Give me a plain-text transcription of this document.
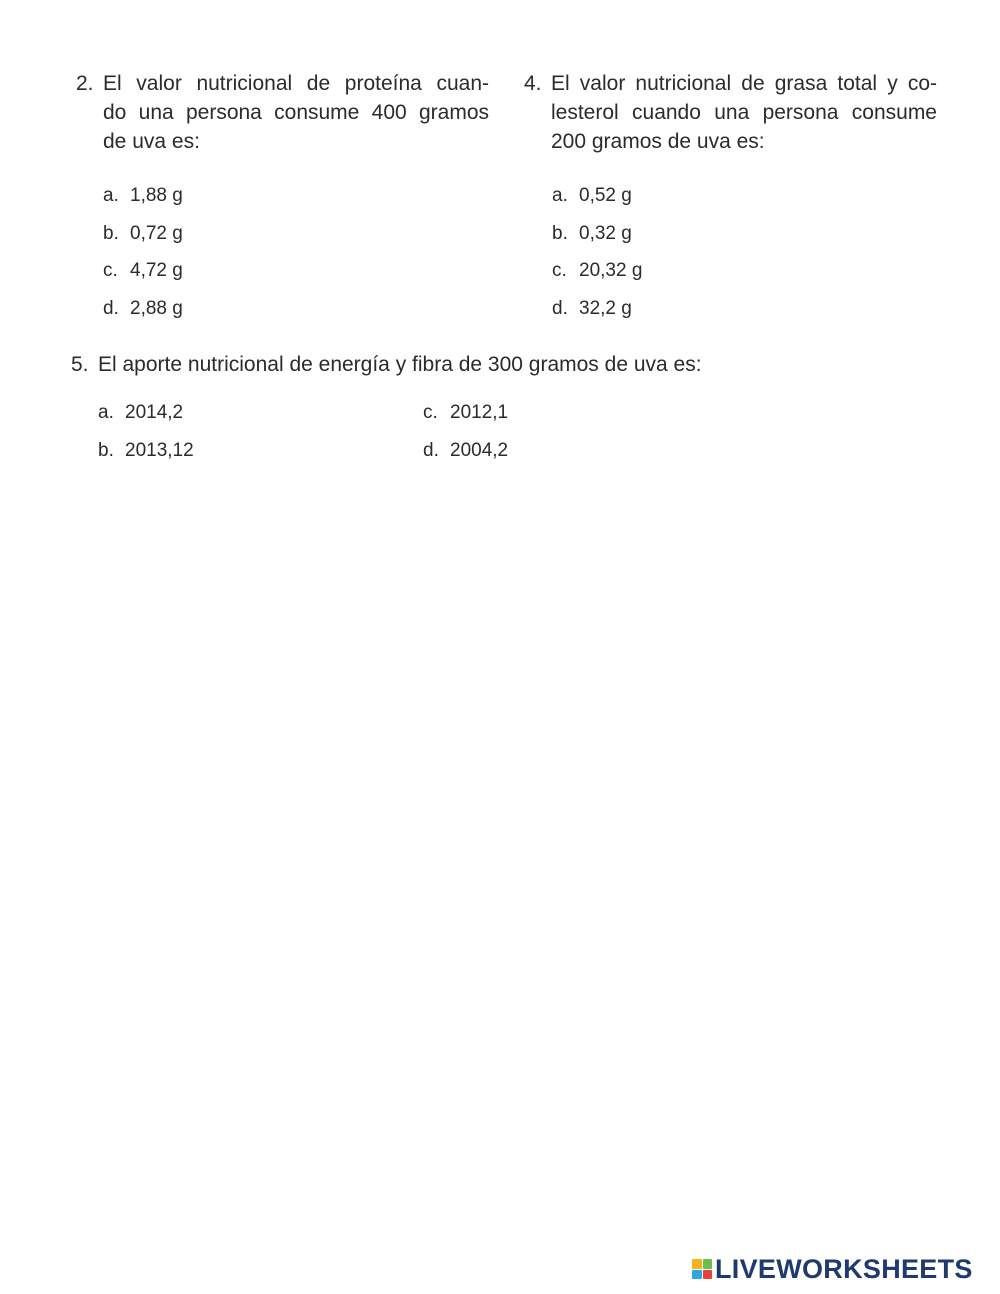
2. El valor nutricional de proteína cuan-
do una persona consume 400 gramos
de uva es:
a. 1,88 g
b. 0,72 g
c. 4,72 g
d. 2,88 g
4. El valor nutricional de grasa total y co-
lesterol cuando una persona consume
200 gramos de uva es:
a. 0,52 g
b. 0,32 g
c. 20,32 g
d. 32,2 g
5. El aporte nutricional de energía y fibra de 300 gramos de uva es:
a. 2014,2
b. 2013,12
c. 2012,1
d. 2004,2
LIVEWORKSHEETS
